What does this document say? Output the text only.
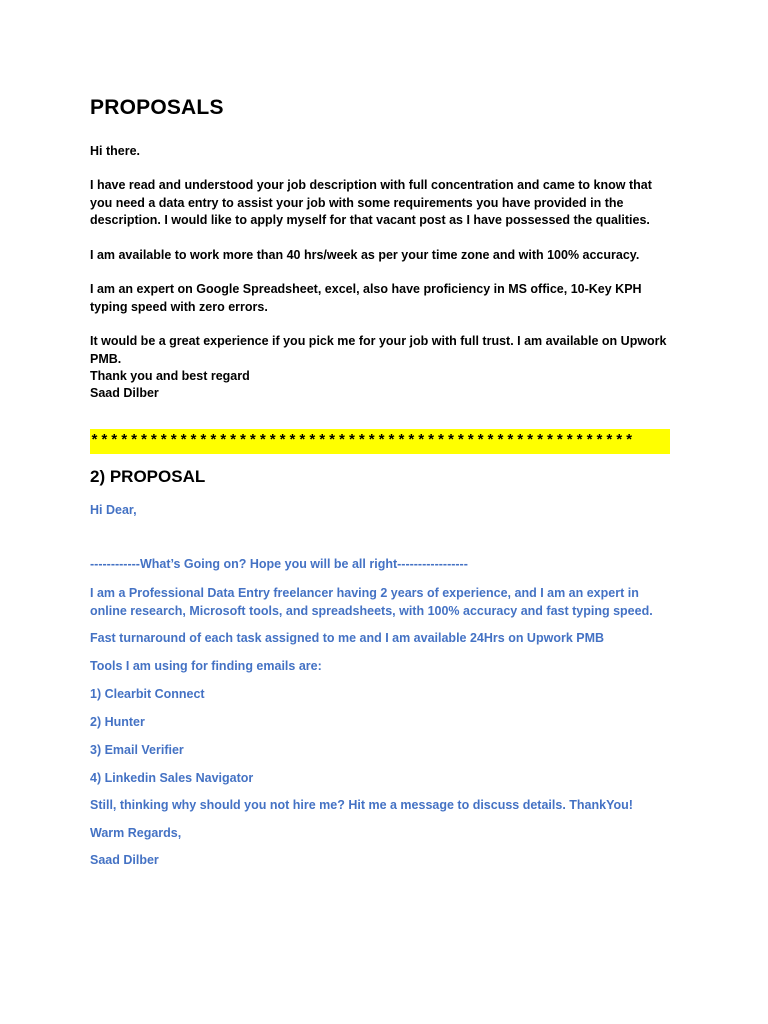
PROPOSALS

Hi there.

I have read and understood your job description with full concentration and came to know that you need a data entry to assist your job with some requirements you have provided in the description. I would like to apply myself for that vacant post as I have possessed the qualities.

I am available to work more than 40 hrs/week as per your time zone and with 100% accuracy.

I am an expert on Google Spreadsheet, excel, also have proficiency in MS office, 10-Key KPH typing speed with zero errors.

It would be a great experience if you pick me for your job with full trust. I am available on Upwork PMB.

Thank you and best regard

Saad Dilber

*******************************************************
2) PROPOSAL

Hi Dear,

------------What’s Going on? Hope you will be all right-----------------

I am a Professional Data Entry freelancer having 2 years of experience, and I am an expert in online research, Microsoft tools, and spreadsheets, with 100% accuracy and fast typing speed.

Fast turnaround of each task assigned to me and I am available 24Hrs on Upwork PMB

Tools I am using for finding emails are:

1) Clearbit Connect

2) Hunter

3) Email Verifier

4) Linkedin Sales Navigator

Still, thinking why should you not hire me? Hit me a message to discuss details. ThankYou!

Warm Regards,

Saad Dilber
